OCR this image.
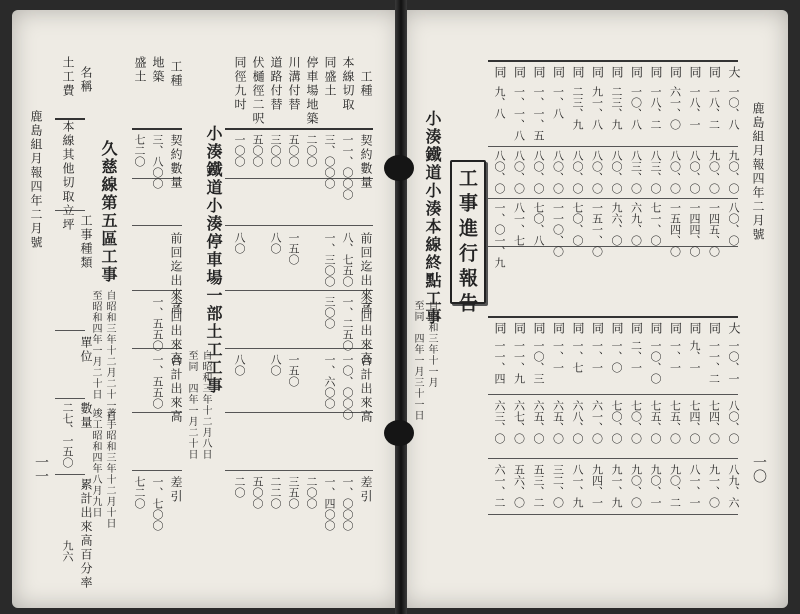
鹿島組月報四年二月號
一〇
大
一〇、八
九〇、〇
八〇、〇
同
一八、二
九〇、〇
一四五、〇
同
一八、一
八〇、〇
一四四、〇
同
六一、〇
八〇、〇
一五四、〇
同
一八、二
八三、〇
七一、〇
同
一〇、八
八三、〇
六九、〇
同
二三、九
八〇、〇
九六、〇
同
九一、八
八〇、〇
一五一、〇
同
二三、九
八〇、〇
七〇、〇
同
一、八
八〇、〇
一一〇、〇
同
一、一、五
八〇、〇
七〇、八
同
一、一、八
八〇、〇
八一、七
同
九、八
八〇、〇
一、〇一、九
大
一〇、一
八〇、〇
八九、六
同
一一、二
七四、〇
九一、〇
同
九、一
七四、〇
八一、一
同
一、一
七五、〇
九〇、二
同
一〇、〇
七五、〇
九〇、一
同
二、一
七〇、〇
九〇、〇
同
一、〇
七〇、〇
九一、九
同
一、一
六一、〇
九四、一
同
一、七
六八、〇
八一、九
同
一、一
六五、〇
三二、〇
同
一〇、三
六五、〇
五三、二
同
一一、九
六七、〇
五六、〇
同
一一、四
六三、〇
六一、二
工事進行報告
小湊鐵道小湊本線終點工事
自昭和三年十一月
至同　四年一月三十一日
鹿島組月報四年二月號
一一
工種
契約數量
前回迄出來高
今回出來高
合計出來高
差引
本線切取
一一、〇〇〇
八、七五〇
一、二五〇
一〇、〇〇〇
一、〇〇〇
同盛土
三、〇〇〇
一、三〇〇
三〇〇
一、六〇〇
一、四〇〇
停車場地築
二〇〇
二〇〇
川溝付替
五〇〇
一五〇
一五〇
三五〇
道路付替
三〇〇
八〇
八〇
二二〇
伏樋徑二呎
五〇〇
五〇〇
同徑九吋
一〇〇
八〇
八〇
二〇
小湊鐵道小湊停車場一部土工工事
自昭和三年十二月八日
至同　四年一月二十日
工種
契約數量
前回迄出來高
今回出來高
合計出來高
差引
地築
三、八〇〇
一、五五〇
一、五五〇
一、七〇〇
盛土
七二〇
七二〇
久慈線第五區工事
自昭和三年十二月二十一日
至昭和四年一月二十日
著手昭和三年十二月十日
竣工昭和四年八月九日
名稱
工事種類
單位
數量
累計出來高百分率
土工費
本線其他切取立坪
二七、一五〇
九六
